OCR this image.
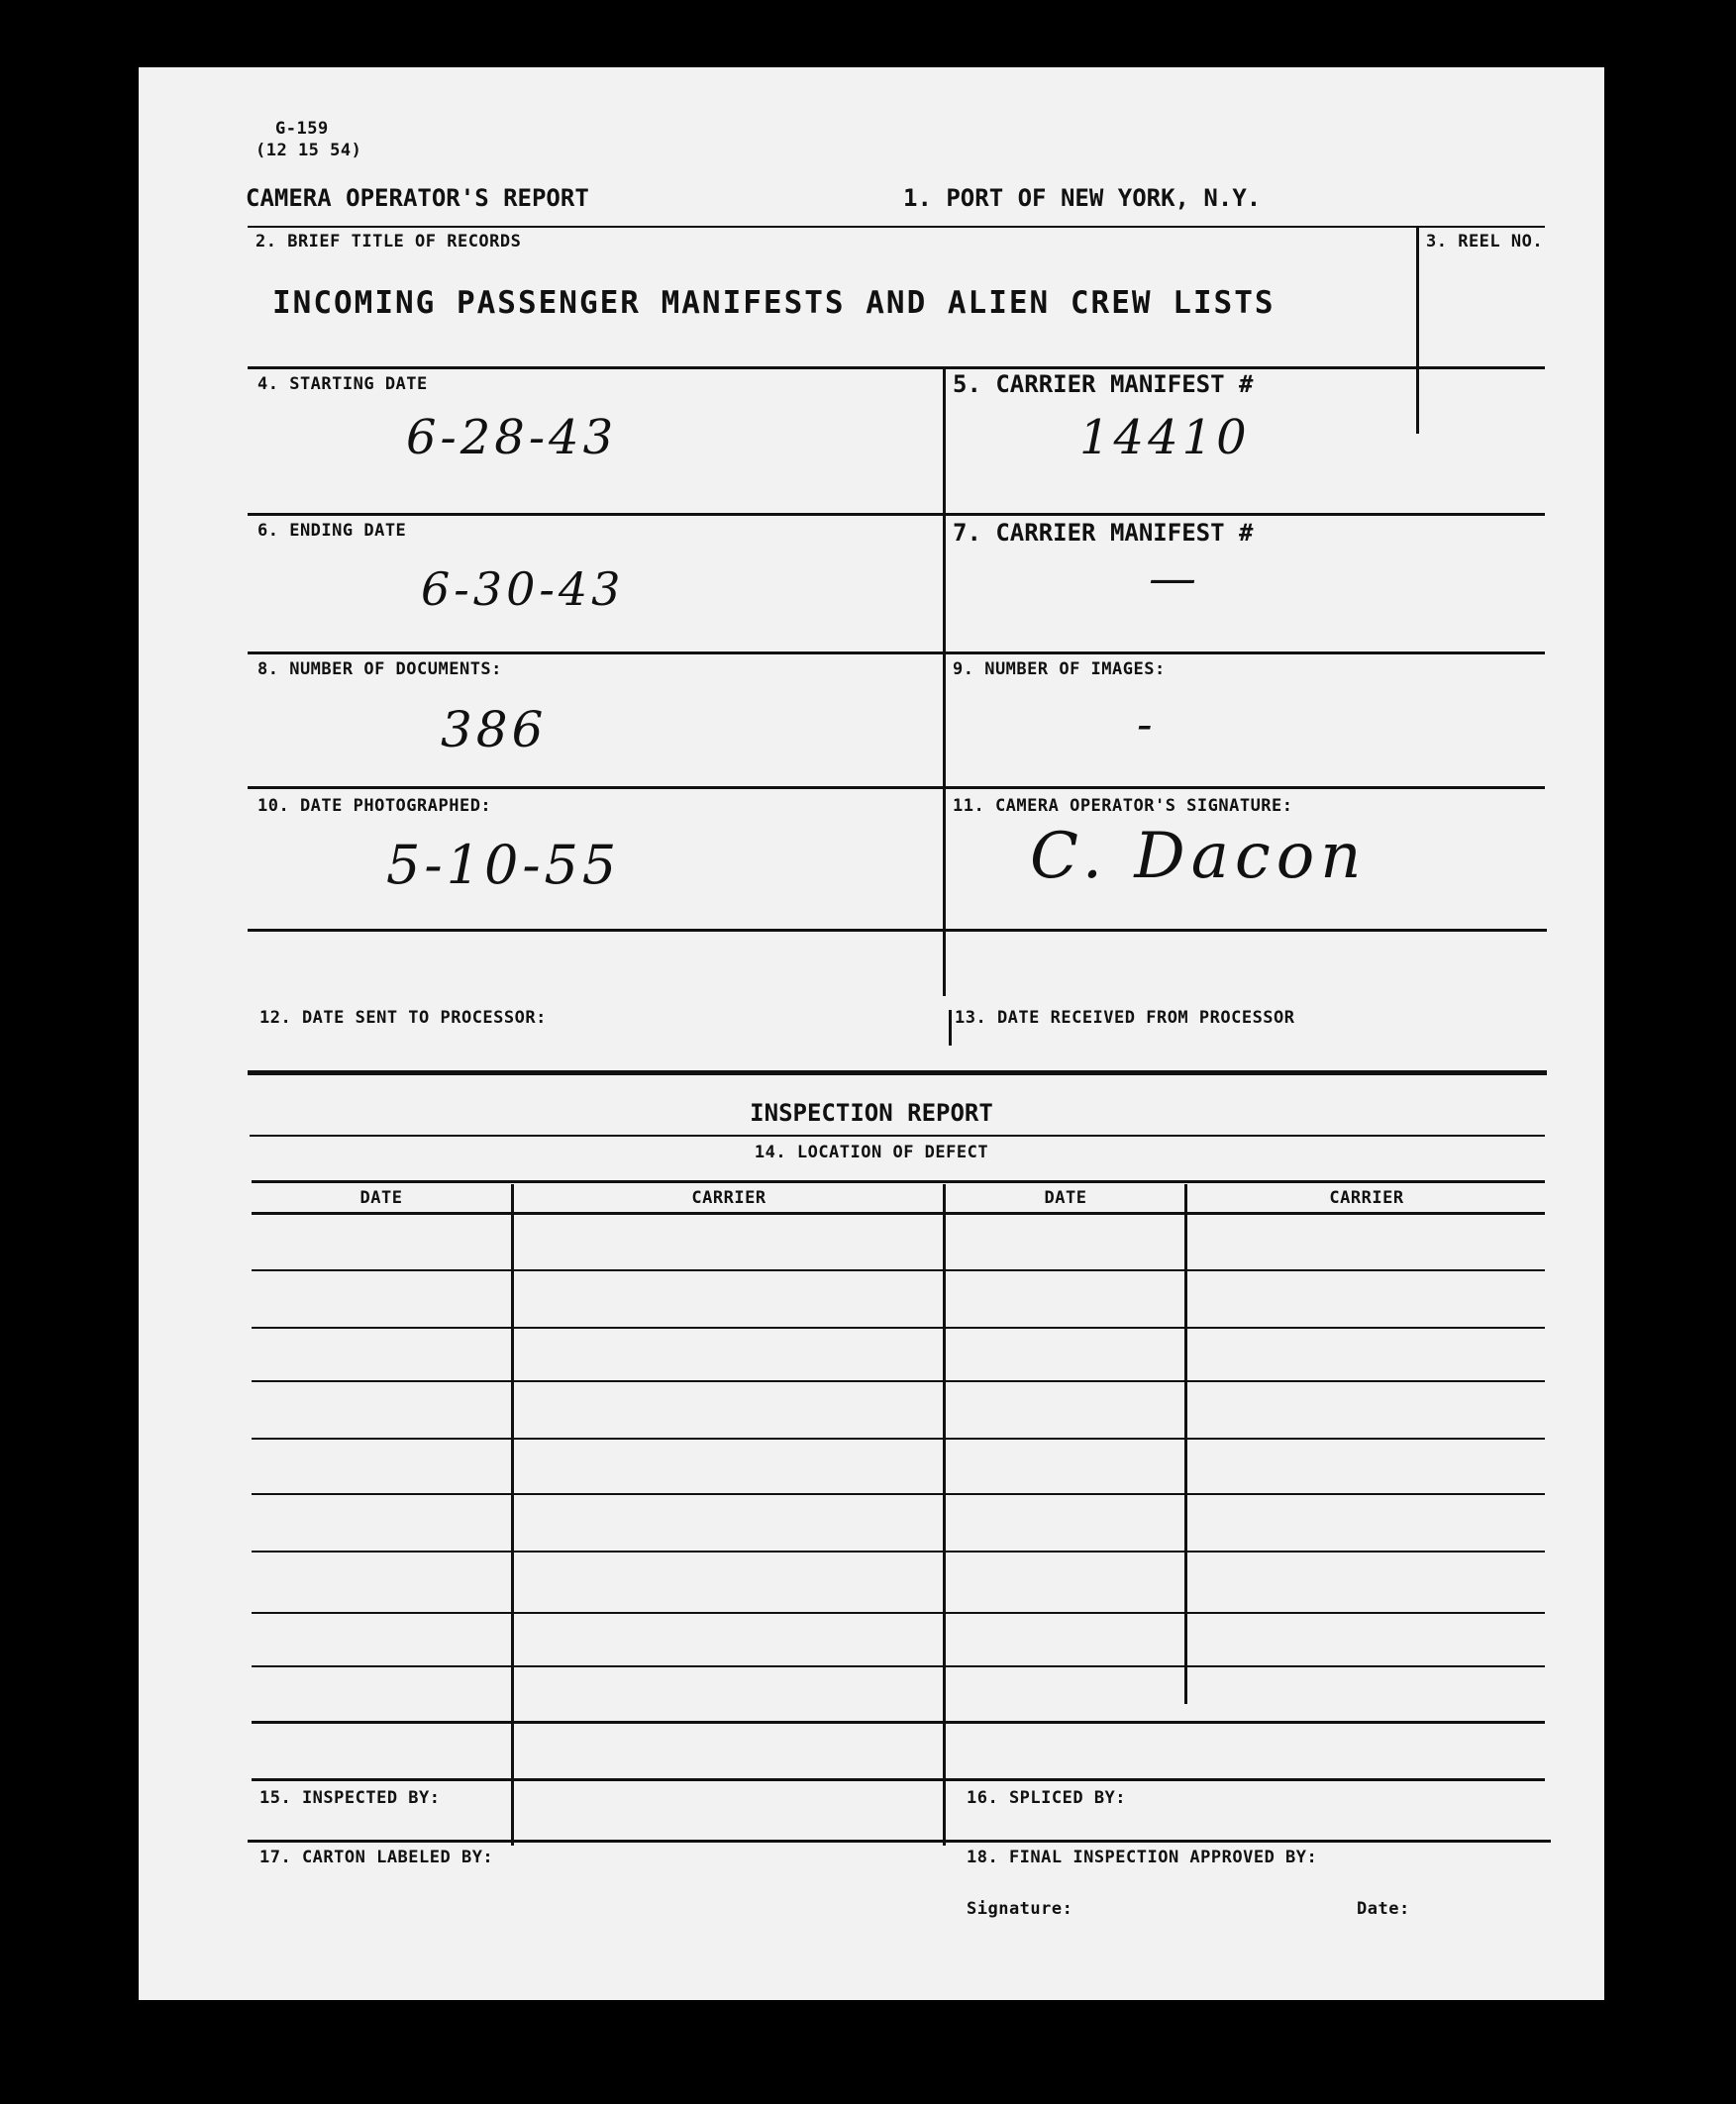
G-159
(12 15 54)
CAMERA OPERATOR'S REPORT	1. PORT OF NEW YORK, N.Y.
2. BRIEF TITLE OF RECORDS
INCOMING PASSENGER MANIFESTS AND ALIEN CREW LISTS
3. REEL NO.
4. STARTING DATE
6-28-43
5. CARRIER MANIFEST #
14410
6. ENDING DATE
6-30-43
7. CARRIER MANIFEST #
—
8. NUMBER OF DOCUMENTS:
386
9. NUMBER OF IMAGES:
-
10. DATE PHOTOGRAPHED:
5-10-55
11. CAMERA OPERATOR'S SIGNATURE:
C. Dacon
12. DATE SENT TO PROCESSOR:	13. DATE RECEIVED FROM PROCESSOR
INSPECTION REPORT
14. LOCATION OF DEFECT
DATE	CARRIER	DATE	CARRIER
15. INSPECTED BY:	16. SPLICED BY:
17. CARTON LABELED BY:	18. FINAL INSPECTION APPROVED BY:
Signature:	Date:
